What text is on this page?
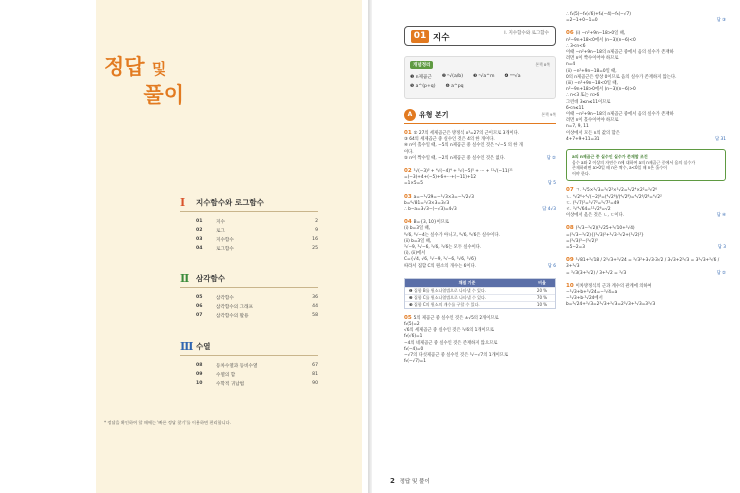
정답 및
풀이
Ⅰ	지수함수와 로그함수
01	지수	2
02	로그	9
03	지수함수	16
04	로그함수	25
Ⅱ 삼각함수
05	삼각함수	36
06	삼각함수의 그래프	44
07	삼각함수의 활용	58
Ⅲ 수열
08	등차수열과 등비수열	67
09	수열의 합	81
10	수학적 귀납법	90
* 정답을 확인하여 할 때에는 '빠른 정답 찾기'를 이용하면 편리합니다.
01 지수	Ⅰ. 지수함수와 로그함수
개념정리	본책 8쪽
❶ n제곱근 ❷ ⁿ√(a/b) ❸ ⁿ√a^m ❹ ᵐⁿ√a
❺ a^(p+q) ❻ a^pq
A 유형 본기	본책 9쪽

01 ① 27의 세제곱근은 방정식 x³=27의 근이므로 3개이다.

③ 64의 세제곱근 중 실수인 것은 4의 한 개이다.

④ n이 홀수일 때, −5의 n제곱근 중 실수인 것은 ⁿ√−5 의 한 개

이다.

⑤ n이 짝수일 때, −2의 n제곱근 중 실수인 것은 없다.	답 ②

02 ³√(−3)³ + ⁴√(−4)⁴ + ⁵√(−5)⁵ + ··· + ¹¹√(−11)¹¹

=(−3)+4+(−5)+6+···+(−11)+12

=1×5=5	답 5

03 a=−³√29=−³√3×3=−³√2√3

b=⁶√81=³√3×3=3√3

∴ b−a=3√3−(−√3)=4√3	답 4√3

04 B={3, 10}이므로

(i) b=3일 때,

⁸√6, ⁸√−4는 실수가 아니고, ⁸√6, ⁸√6은 실수이다.

(ii) b=3일 때,

³√−9, ³√−6, ³√6, ³√6는 모두 실수이다.

(i), (ii)에서

C={√4, √6, ³√−9, ³√−6, ³√6, ³√6}

따라서 집합 C의 원소의 개수는 6이다.	답 6
채점 기준	비율
❶ 집합 B를 원소나열법으로 나타낼 수 있다.	20 %
❷ 집합 C를 원소나열법으로 나타낼 수 있다.	70 %
❸ 집합 C의 원소의 개수를 구할 수 있다.	10 %

05 5의 제곱근 중 실수인 것은 ±√5의 2개이므로

f₂(5)=2

√6의 세제곱근 중 실수인 것은 ³√6의 1개이므로

f₃(√6)=1

−4의 네제곱근 중 실수인 것은 존재하지 않으므로

f₄(−4)=0

−√7의 다섯제곱근 중 실수인 것은 ⁵√−√7의 1개이므로

f₅(−√7)=1

∴ f₂(5)−f₃(√6)+f₄(−4)−f₅(−√7)

=2−1+0−1=0	답 ③

06 (i) −n²+9n−18>0일 때,

n²−9n+18<0에서 (n−3)(n−6)<0

∴ 3<n<6

이때 −n²+9n−18의 n제곱근 중에서 음의 실수가 존재하

려면 n이 짝수이어야 하므로

n=4

(ii) −n²+9n−18=0일 때,

0의 n제곱근은 항상 0이므로 음의 실수가 존재하지 않는다.

(iii) −n²+9n−18<0일 때,

n²−9n+18>0에서 (n−3)(n−6)>0

∴ n<3 또는 n>6

그런데 3≤n≤11이므로

6<n≤11

이때 −n²+9n−18의 n제곱근 중에서 음의 실수가 존재하

려면 n이 홀수이어야 하므로

n=7, 9, 11

이상에서 모든 n의 값의 합은

4+7+9+11=31	답 31
a의 n제곱근 중 실수인 실수가 존재할 조건
음수 a와 2 이상의 자연수 n에 대하여 a의 n제곱근 중에서 음의 실수가
존재하려면 a>0일 때 n은 짝수, a<0일 때 n은 홀수이
어야 한다.

07 ㄱ. ³√5×³√3=³√2²×³√2=³√2⁴×2²=³√2⁶

ㄴ. ⁴√2⁶÷⁴√(−2)⁸=(⁴√2⁶)/(⁴√2⁸)=⁴√2⁶/2⁸=⁴√2²

ㄷ. (⁵√7)²=⁵√7²=⁵√7²=49

ㄹ. ³√⁴√64=¹²√2⁶=√2

이상에서 옳은 것은 ㄴ, ㄷ이다.	답 ④

08 (³√3−³√2)(³√25+³√10+³√4)

=(³√3−³√2){(³√3)²+³√3·³√2+(³√2)²}

=(³√3)³−(³√2)³

=5−2=3	답 3

09 ³√81+³√18 / 2³√3+³√24 = ³√3²+3√3·3√2 / 3√3+2³√3 = 3³√3+³√6 / 3+³√3

= ³√3(3+³√2) / 3+³√2 = ³√3	답 ②

10 이차방정식의 근과 계수의 관계에 의하여

−³√3+b+³√24=−³√4=a

−³√3+b·³√24에서

b=³√24+³√3=2³√3+³√3=2³√3+³√3=3³√3

2 정답 및 풀이
